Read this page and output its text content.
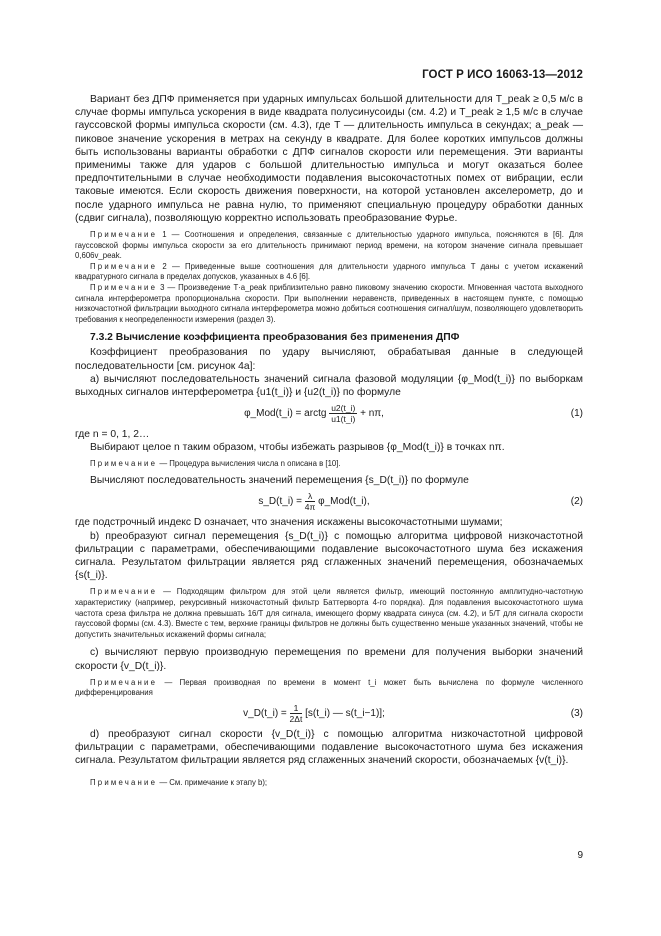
ГОСТ Р ИСО 16063-13—2012

Вариант без ДПФ применяется при ударных импульсах большой длительности для T_peak ≥ 0,5 м/с в случае формы импульса ускорения в виде квадрата полусинусоиды (см. 4.2) и T_peak ≥ 1,5 м/с в случае гауссовской формы импульса скорости (см. 4.3), где T — длительность импульса в секундах; a_peak — пиковое значение ускорения в метрах на секунду в квадрате. Для более коротких импульсов должны быть использованы варианты обработки с ДПФ сигналов скорости или перемещения. Эти варианты применимы также для ударов с большой длительностью импульса и могут оказаться более предпочтительными в случае необходимости подавления высокочастотных помех от вибрации, если таковые имеются. Если скорость движения поверхности, на которой установлен акселерометр, до и после ударного импульса не равна нулю, то применяют специальную процедуру обработки данных (сдвиг сигнала), позволяющую корректно использовать преобразование Фурье.

Примечание 1 — Соотношения и определения, связанные с длительностью ударного импульса, поясняются в [6]. Для гауссовской формы импульса скорости за его длительность принимают период времени, на котором значение сигнала превышает 0,606v_peak.

Примечание 2 — Приведенные выше соотношения для длительности ударного импульса T даны с учетом искажений квадратурного сигнала в пределах допусков, указанных в 4.6 [6].

Примечание 3 — Произведение T·a_peak приблизительно равно пиковому значению скорости. Мгновенная частота выходного сигнала интерферометра пропорциональна скорости. При выполнении неравенств, приведенных в настоящем пункте, с помощью низкочастотной фильтрации выходного сигнала интерферометра можно добиться соотношения сигнал/шум, позволяющего удовлетворить требования к неопределенности измерения (раздел 3).

7.3.2 Вычисление коэффициента преобразования без применения ДПФ

Коэффициент преобразования по удару вычисляют, обрабатывая данные в следующей последовательности [см. рисунок 4а]:

a) вычисляют последовательность значений сигнала фазовой модуляции {φ_Mod(t_i)} по выборкам выходных сигналов интерферометра {u1(t_i)} и {u2(t_i)} по формуле

φ_Mod(t_i) = arctg $\frac{u2(t\_i)}{u1(t\_i)} + n\pi$,	(1)

где n = 0, 1, 2…

Выбирают целое n таким образом, чтобы избежать разрывов {φ_Mod(t_i)} в точках nπ.

Примечание — Процедура вычисления числа n описана в [10].

Вычисляют последовательность значений перемещения {s_D(t_i)} по формуле

s_D(t_i) = $\frac{\lambda}{4\pi}$ φ_Mod(t_i),	(2)

где подстрочный индекс D означает, что значения искажены высокочастотными шумами;

b) преобразуют сигнал перемещения {s_D(t_i)} с помощью алгоритма цифровой низкочастотной фильтрации с параметрами, обеспечивающими подавление высокочастотного шума без искажения сигнала. Результатом фильтрации является ряд сглаженных значений перемещения, обозначаемых {s(t_i)}.

Примечание — Подходящим фильтром для этой цели является фильтр, имеющий постоянную амплитудно-частотную характеристику (например, рекурсивный низкочастотный фильтр Баттерворта 4-го порядка). Для подавления высокочастотного шума частота среза фильтра не должна превышать 16/T для сигнала, имеющего форму квадрата синуса (см. 4.2), и 5/T для сигнала скорости гауссовой формы (см. 4.3). Вместе с тем, верхние границы фильтров не должны быть существенно меньше указанных значений, чтобы не допустить значительных искажений формы сигнала;

c) вычисляют первую производную перемещения по времени для получения выборки значений скорости {v_D(t_i)}.

Примечание — Первая производная по времени в момент t_i может быть вычислена по формуле численного дифференцирования

v_D(t_i) = $\frac{1}{2\Delta t}$ [s(t_i) — s(t_i−1)];	(3)

d) преобразуют сигнал скорости {v_D(t_i)} с помощью алгоритма низкочастотной цифровой фильтрации с параметрами, обеспечивающими подавление высокочастотного шума без искажения сигнала. Результатом фильтрации является ряд сглаженных значений скорости, обозначаемых {v(t_i)}.

Примечание — См. примечание к этапу b);

9
